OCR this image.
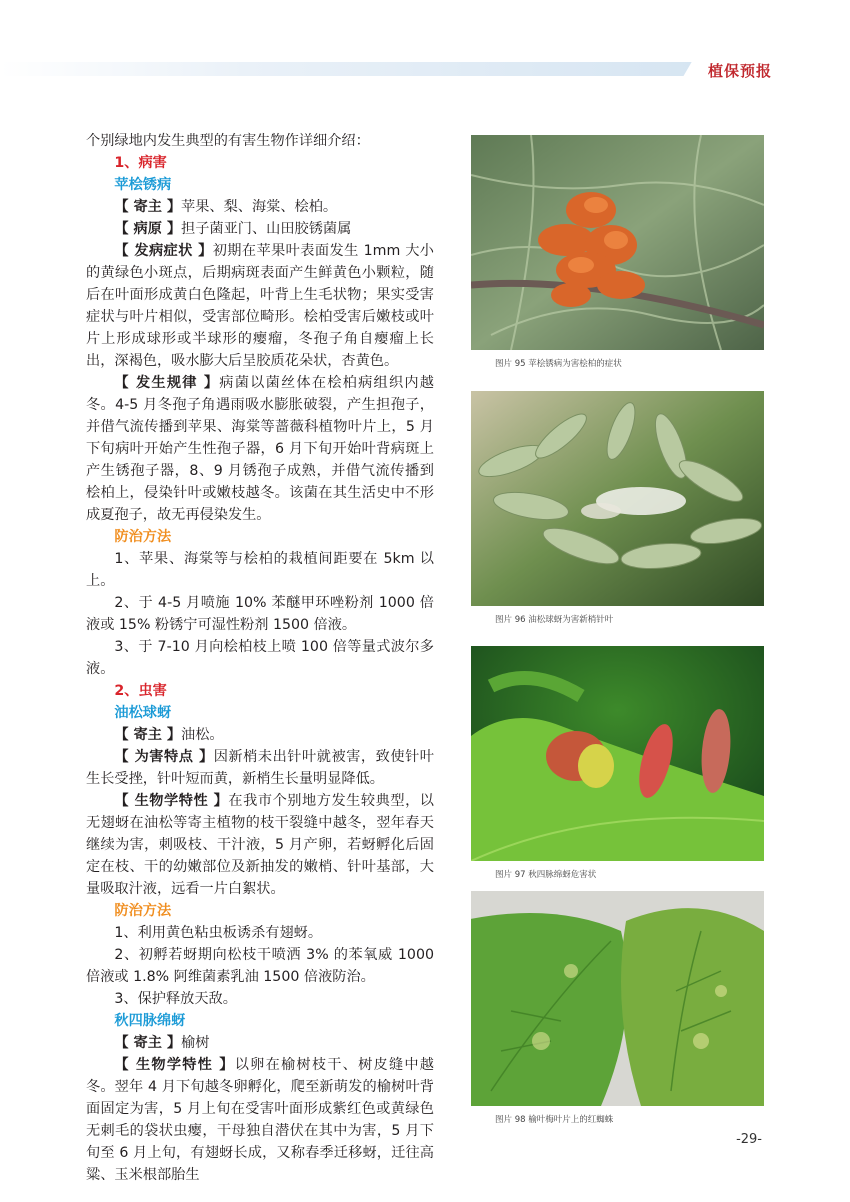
植保预报

个别绿地内发生典型的有害生物作详细介绍：

1、病害

苹桧锈病

【 寄主 】苹果、梨、海棠、桧柏。

【 病原 】担子菌亚门、山田胶锈菌属

【 发病症状 】初期在苹果叶表面发生 1mm 大小的黄绿色小斑点，后期病斑表面产生鲜黄色小颗粒，随后在叶面形成黄白色隆起，叶背上生毛状物；果实受害症状与叶片相似，受害部位畸形。桧柏受害后嫩枝或叶片上形成球形或半球形的瘿瘤，冬孢子角自瘿瘤上长出，深褐色，吸水膨大后呈胶质花朵状，杏黄色。

【 发生规律 】病菌以菌丝体在桧柏病组织内越冬。4-5 月冬孢子角遇雨吸水膨胀破裂，产生担孢子，并借气流传播到苹果、海棠等蔷薇科植物叶片上，5 月下旬病叶开始产生性孢子器，6 月下旬开始叶背病斑上产生锈孢子器，8、9 月锈孢子成熟，并借气流传播到桧柏上，侵染针叶或嫩枝越冬。该菌在其生活史中不形成夏孢子，故无再侵染发生。

防治方法

1、苹果、海棠等与桧柏的栽植间距要在 5km 以上。

2、于 4-5 月喷施 10% 苯醚甲环唑粉剂 1000 倍液或 15% 粉锈宁可湿性粉剂 1500 倍液。

3、于 7-10 月向桧柏枝上喷 100 倍等量式波尔多液。

2、虫害

油松球蚜

【 寄主 】油松。

【 为害特点 】因新梢未出针叶就被害，致使针叶生长受挫，针叶短而黄，新梢生长量明显降低。

【 生物学特性 】在我市个别地方发生较典型，以无翅蚜在油松等寄主植物的枝干裂缝中越冬，翌年春天继续为害，刺吸枝、干汁液，5 月产卵，若蚜孵化后固定在枝、干的幼嫩部位及新抽发的嫩梢、针叶基部，大量吸取汁液，远看一片白絮状。

防治方法

1、利用黄色粘虫板诱杀有翅蚜。

2、初孵若蚜期向松枝干喷洒 3% 的苯氧威 1000 倍液或 1.8% 阿维菌素乳油 1500 倍液防治。

3、保护释放天敌。

秋四脉绵蚜

【 寄主 】榆树

【 生物学特性 】以卵在榆树枝干、树皮缝中越冬。翌年 4 月下旬越冬卵孵化，爬至新萌发的榆树叶背面固定为害，5 月上旬在受害叶面形成紫红色或黄绿色无刺毛的袋状虫瘿，干母独自潜伏在其中为害，5 月下旬至 6 月上旬，有翅蚜长成，又称春季迁移蚜，迁往高粱、玉米根部胎生

图片 95 苹桧锈病为害桧柏的症状
图片 96 油松球蚜为害新梢针叶
图片 97 秋四脉绵蚜危害状
图片 98 榆叶梅叶片上的红蜘蛛
-29-
